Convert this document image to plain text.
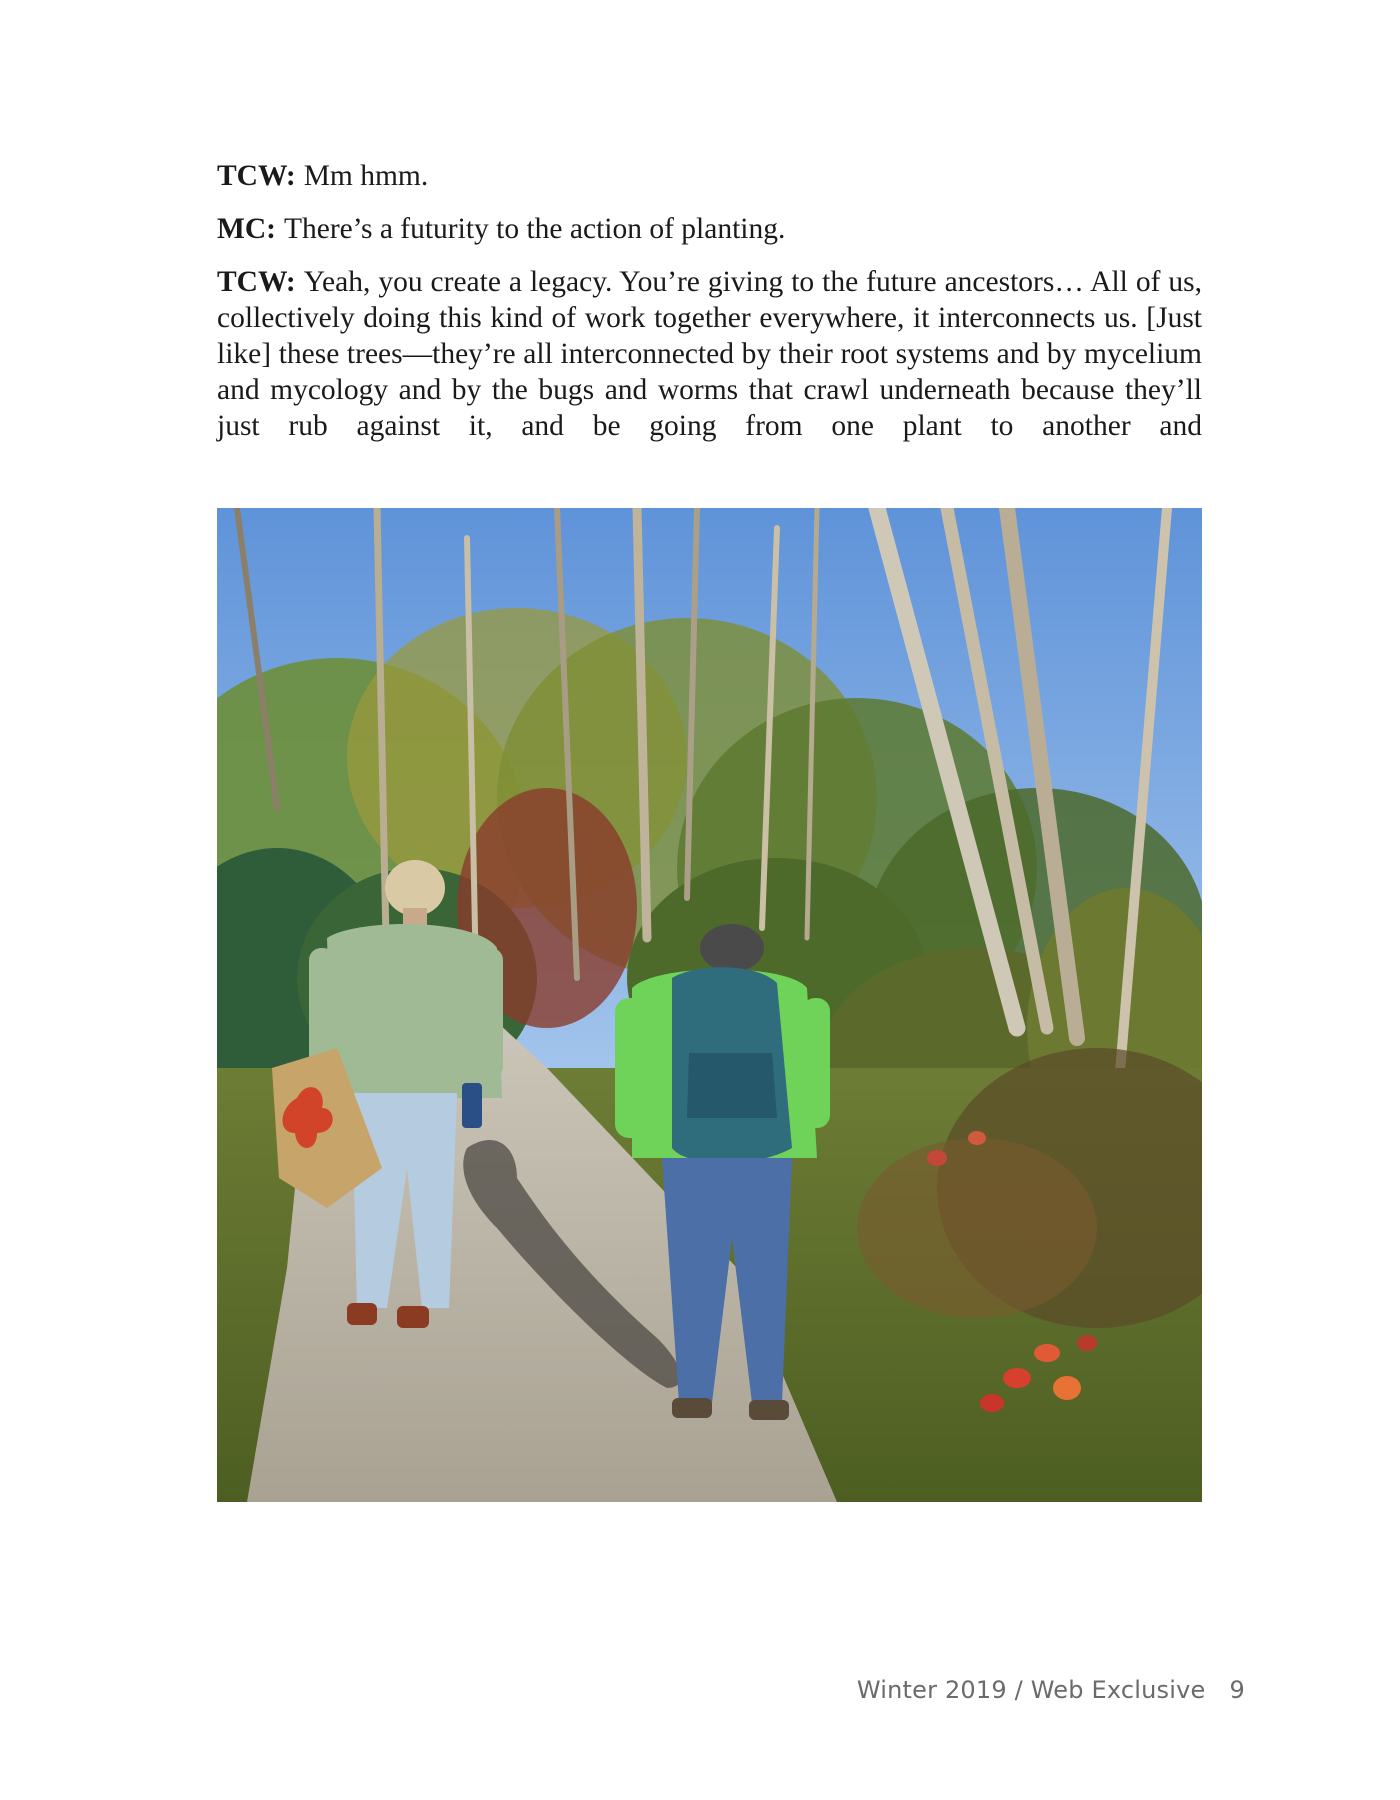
TCW: Mm hmm.

MC: There’s a futurity to the action of planting.

TCW: Yeah, you create a legacy. You’re giving to the future ancestors… All of us, collectively doing this kind of work together everywhere, it interconnects us. [Just like] these trees—they’re all interconnected by their root systems and by mycelium and mycology and by the bugs and worms that crawl underneath because they’ll just rub against it, and be going from one plant to another and

Winter 2019 / Web Exclusive 9
